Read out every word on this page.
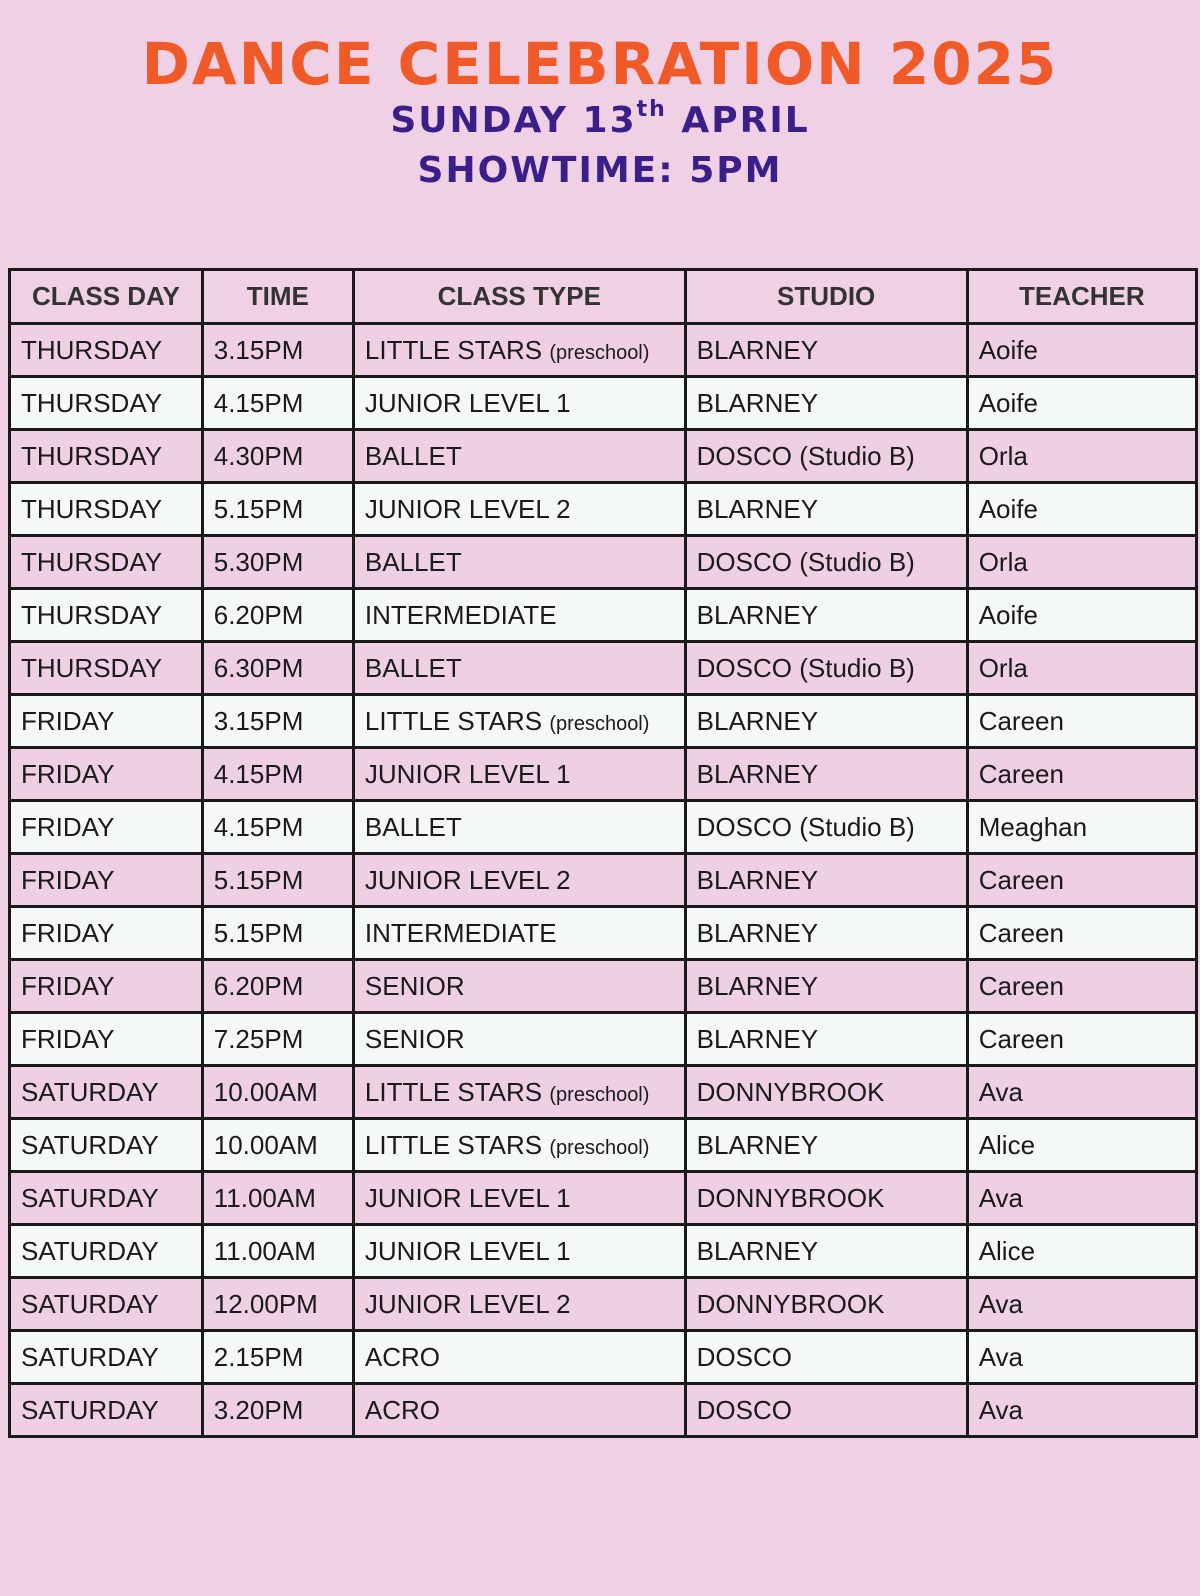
DANCE CELEBRATION 2025
SUNDAY 13th APRIL
SHOWTIME: 5PM
CLASS DAY	TIME	CLASS TYPE	STUDIO	TEACHER
THURSDAY	3.15PM	LITTLE STARS (preschool)	BLARNEY	Aoife
THURSDAY	4.15PM	JUNIOR LEVEL 1	BLARNEY	Aoife
THURSDAY	4.30PM	BALLET	DOSCO (Studio B)	Orla
THURSDAY	5.15PM	JUNIOR LEVEL 2	BLARNEY	Aoife
THURSDAY	5.30PM	BALLET	DOSCO (Studio B)	Orla
THURSDAY	6.20PM	INTERMEDIATE	BLARNEY	Aoife
THURSDAY	6.30PM	BALLET	DOSCO (Studio B)	Orla
FRIDAY	3.15PM	LITTLE STARS (preschool)	BLARNEY	Careen
FRIDAY	4.15PM	JUNIOR LEVEL 1	BLARNEY	Careen
FRIDAY	4.15PM	BALLET	DOSCO (Studio B)	Meaghan
FRIDAY	5.15PM	JUNIOR LEVEL 2	BLARNEY	Careen
FRIDAY	5.15PM	INTERMEDIATE	BLARNEY	Careen
FRIDAY	6.20PM	SENIOR	BLARNEY	Careen
FRIDAY	7.25PM	SENIOR	BLARNEY	Careen
SATURDAY	10.00AM	LITTLE STARS (preschool)	DONNYBROOK	Ava
SATURDAY	10.00AM	LITTLE STARS (preschool)	BLARNEY	Alice
SATURDAY	11.00AM	JUNIOR LEVEL 1	DONNYBROOK	Ava
SATURDAY	11.00AM	JUNIOR LEVEL 1	BLARNEY	Alice
SATURDAY	12.00PM	JUNIOR LEVEL 2	DONNYBROOK	Ava
SATURDAY	2.15PM	ACRO	DOSCO	Ava
SATURDAY	3.20PM	ACRO	DOSCO	Ava
